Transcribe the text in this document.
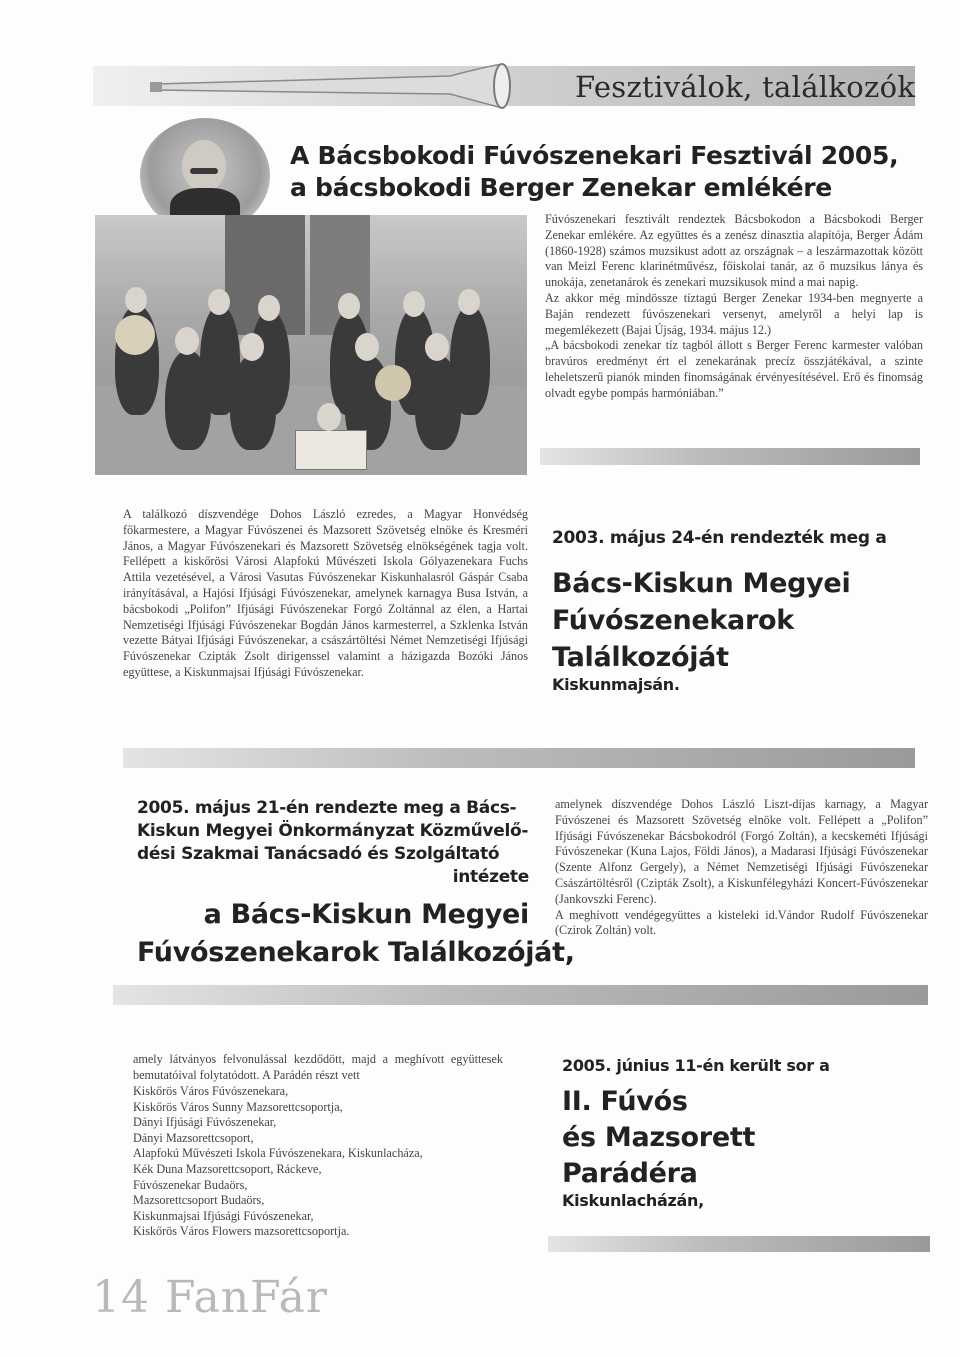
Fesztiválok, találkozók
A Bácsbokodi Fúvószenekari Fesztivál 2005,
a bácsbokodi Berger Zenekar emlékére

Fúvószenekari fesztivált rendeztek Bácsbokodon a Bácsbokodi Berger Zenekar emlékére. Az együttes és a zenész dinasztia alapítója, Berger Ádám (1860-1928) számos muzsikust adott az országnak – a leszármazottak között van Meizl Ferenc klarinétművész, főiskolai tanár, az ő muzsikus lánya és unokája, zenetanárok és zenekari muzsikusok mind a mai napig.

Az akkor még mindössze tíztagú Berger Zenekar 1934-ben megnyerte a Baján rendezett fúvószenekari versenyt, amelyről a helyi lap is megemlékezett (Bajai Újság, 1934. május 12.)

„A bácsbokodi zenekar tíz tagból állott s Berger Ferenc karmester valóban bravúros eredményt ért el zenekarának precíz összjátékával, a szinte leheletszerű pianók minden finomságának érvényesítésével. Erő és finomság olvadt egybe pompás harmóniában.”

A találkozó díszvendége Dohos László ezredes, a Magyar Honvédség főkarmestere, a Magyar Fúvószenei és Mazsorett Szövetség elnöke és Kresméri János, a Magyar Fúvószenekari és Mazsorett Szövetség elnökségének tagja volt. Fellépett a kiskőrösi Városi Alapfokú Művészeti Iskola Gólyazenekara Fuchs Attila vezetésével, a Városi Vasutas Fúvószenekar Kiskunhalasról Gáspár Csaba irányításával, a Hajósi Ifjúsági Fúvószenekar, amelynek karnagya Busa István, a bácsbokodi „Polifon” Ifjúsági Fúvószenekar Forgó Zoltánnal az élen, a Hartai Nemzetiségi Ifjúsági Fúvószenekar Bogdán János karmesterrel, a Szklenka István vezette Bátyai Ifjúsági Fúvószenekar, a császártöltési Német Nemzetiségi Ifjúsági Fúvószenekar Czipták Zsolt dirigenssel valamint a házigazda Bozóki János együttese, a Kiskunmajsai Ifjúsági Fúvószenekar.

2003. május 24-én rendezték meg a
Bács-Kiskun Megyei
Fúvószenekarok
Találkozóját
Kiskunmajsán.
2005. május 21-én rendezte meg a Bács-
Kiskun Megyei Önkormányzat Közművelő-
dési Szakmai Tanácsadó és Szolgáltató
intézete
a Bács-Kiskun Megyei
Fúvószenekarok Találkozóját,

amelynek díszvendége Dohos László Liszt-díjas karnagy, a Magyar Fúvószenei és Mazsorett Szövetség elnöke volt. Fellépett a „Polifon” Ifjúsági Fúvószenekar Bácsbokodról (Forgó Zoltán), a kecskeméti Ifjúsági Fúvószenekar (Kuna Lajos, Földi János), a Madarasi Ifjúsági Fúvószenekar (Szente Alfonz Gergely), a Német Nemzetiségi Ifjúsági Fúvószenekar Császártöltésről (Czipták Zsolt), a Kiskunfélegyházi Koncert-Fúvószenekar (Jankovszki Ferenc).

A meghívott vendégegyüttes a kisteleki id.Vándor Rudolf Fúvószenekar (Czirok Zoltán) volt.

amely látványos felvonulással kezdődött, majd a meghívott együttesek bemutatóival folytatódott. A Parádén részt vett
Kiskőrös Város Fúvószenekara,
Kiskőrös Város Sunny Mazsorettcsoportja,
Dányi Ifjúsági Fúvószenekar,
Dányi Mazsorettcsoport,
Alapfokú Művészeti Iskola Fúvószenekara, Kiskunlacháza,
Kék Duna Mazsorettcsoport, Ráckeve,
Fúvószenekar Budaörs,
Mazsorettcsoport Budaörs,
Kiskunmajsai Ifjúsági Fúvószenekar,
Kiskőrös Város Flowers mazsorettcsoportja.
2005. június 11-én került sor a
II. Fúvós
és Mazsorett
Parádéra
Kiskunlacházán,
14 FanFár
